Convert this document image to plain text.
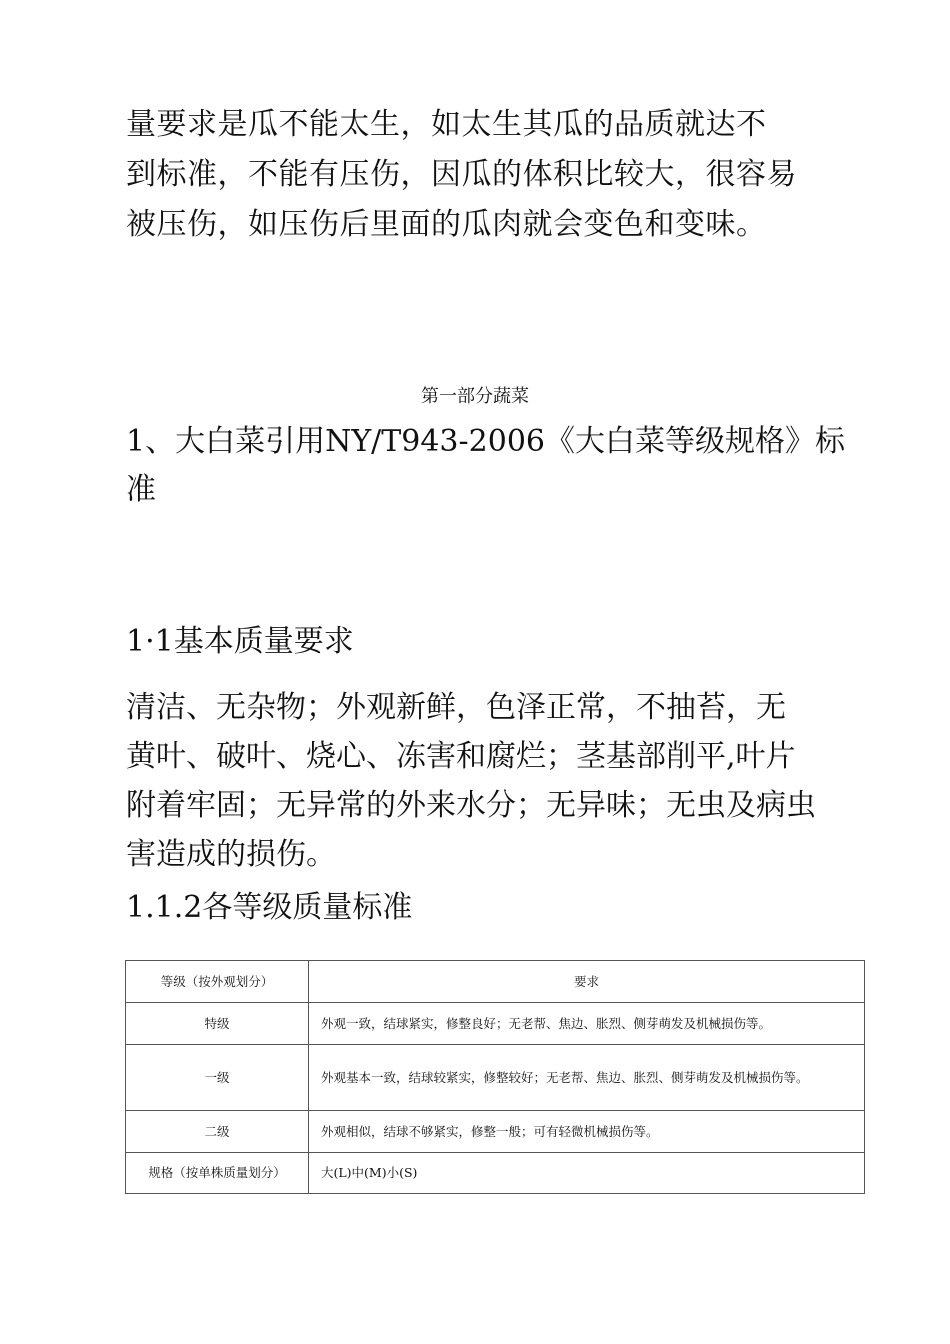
量要求是瓜不能太生，如太生其瓜的品质就达不
到标准，不能有压伤，因瓜的体积比较大，很容易
被压伤，如压伤后里面的瓜肉就会变色和变味。
第一部分蔬菜
1、大白菜引用NY/T943-2006《大白菜等级规格》标
准
1·1基本质量要求
清洁、无杂物；外观新鲜，色泽正常，不抽苔，无
黄叶、破叶、烧心、冻害和腐烂；茎基部削平,叶片
附着牢固；无异常的外来水分；无异味；无虫及病虫
害造成的损伤。
1.1.2各等级质量标准
等级（按外观划分）	要求
特级	外观一致，结球紧实，修整良好；无老帮、焦边、胀烈、侧芽萌发及机械损伤等。
一级	外观基本一致，结球较紧实，修整较好；无老帮、焦边、胀烈、侧芽萌发及机械损伤等。
二级	外观相似，结球不够紧实，修整一般；可有轻微机械损伤等。
规格（按单株质量划分）	大(L)中(M)小(S)
